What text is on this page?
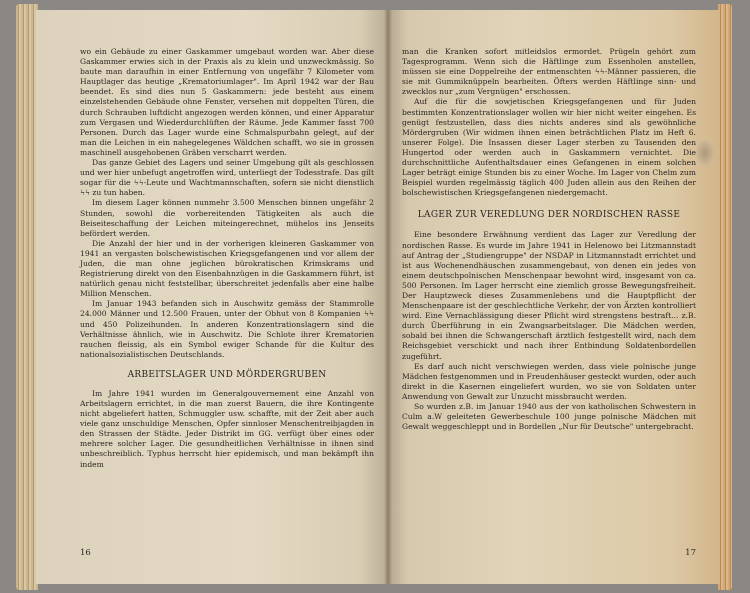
wo ein Gebäude zu einer Gaskammer umgebaut worden war. Aber diese Gaskammer erwies sich in der Praxis als zu klein und unzweckmässig. So baute man daraufhin in einer Entfernung von ungefähr 7 Kilometer vom Hauptlager das heutige „Krematoriumlager". Im April 1942 war der Bau beendet. Es sind dies nun 5 Gaskammern: jede besteht aus einem einzelstehenden Gebäude ohne Fenster, versehen mit doppelten Türen, die durch Schrauben luftdicht angezogen werden können, und einer Apparatur zum Vergasen und Wiederdurchlüften der Räume. Jede Kammer fasst 700 Personen. Durch das Lager wurde eine Schmalspurbahn gelegt, auf der man die Leichen in ein nahegelegenes Wäldchen schafft, wo sie in grossen maschinell ausgehobenen Gräben verscharrt werden.

Das ganze Gebiet des Lagers und seiner Umgebung gilt als geschlossen und wer hier unbefugt angetroffen wird, unterliegt der Todesstrafe. Das gilt sogar für die ϟϟ-Leute und Wachtmannschaften, sofern sie nicht dienstlich ϟϟ zu tun haben.

Im diesem Lager können nunmehr 3.500 Menschen binnen ungefähr 2 Stunden, sowohl die vorbereitenden Tätigkeiten als auch die Beiseiteschaffung der Leichen miteingerechnet, mühelos ins Jenseits befördert werden.

Die Anzahl der hier und in der vorherigen kleineren Gaskammer von 1941 an vergasten bolschewistischen Kriegsgefangenen und vor allem der Juden, die man ohne jeglichen bürokratischen Krimskrams und Registrierung direkt von den Eisenbahnzügen in die Gaskammern führt, ist natürlich genau nicht feststellbar, überschreitet jedenfalls aber eine halbe Million Menschen.

Im Januar 1943 befanden sich in Auschwitz gemäss der Stammrolle 24.000 Männer und 12.500 Frauen, unter der Obhut von 8 Kompanien ϟϟ und 450 Polizeihunden. In anderen Konzentrationslagern sind die Verhältnisse ähnlich, wie in Auschwitz. Die Schlote ihrer Krematorien rauchen fleissig, als ein Symbol ewiger Schande für die Kultur des nationalsozialistischen Deutschlands.

ARBEITSLAGER UND MÖRDERGRUBEN

Im Jahre 1941 wurden im Generalgouvernement eine Anzahl von Arbeitslagern errichtet, in die man zuerst Bauern, die ihre Kontingente nicht abgeliefert hatten, Schmuggler usw. schaffte, mit der Zeit aber auch viele ganz unschuldige Menschen, Opfer sinnloser Menschentreibjagden in den Strassen der Städte. Jeder Distrikt im GG. verfügt über eines oder mehrere solcher Lager. Die gesundheitlichen Verhältnisse in ihnen sind unbeschreiblich. Typhus herrscht hier epidemisch, und man bekämpft ihn indem

16

man die Kranken sofort mitleidslos ermordet. Prügeln gehört zum Tagesprogramm. Wenn sich die Häftlinge zum Essenholen anstellen, müssen sie eine Doppelreihe der entmenschten ϟϟ-Männer passieren, die sie mit Gummiknüppeln bearbeiten. Öfters werden Häftlinge sinn- und zwecklos nur „zum Vergnügen" erschossen.

Auf die für die sowjetischen Kriegsgefangenen und für Juden bestimmten Konzentrationslager wollen wir hier nicht weiter eingehen. Es genügt festzustellen, dass dies nichts anderes sind als gewöhnliche Mördergruben (Wir widmen ihnen einen beträchtlichen Platz im Heft 6. unserer Folge). Die Insassen dieser Lager sterben zu Tausenden den Hungertod oder werden auch in Gaskammern vernichtet. Die durchschnittliche Aufenthaltsdauer eines Gefangenen in einem solchen Lager beträgt einige Stunden bis zu einer Woche. Im Lager von Chelm zum Beispiel wurden regelmässig täglich 400 Juden allein aus den Reihen der bolschewistischen Kriegsgefangenen niedergemacht.

LAGER ZUR VEREDLUNG DER NORDISCHEN RASSE

Eine besondere Erwähnung verdient das Lager zur Veredlung der nordischen Rasse. Es wurde im Jahre 1941 in Helenowo bei Litzmannstadt auf Antrag der „Studiengruppe" der NSDAP in Litzmannstadt errichtet und ist aus Wochenendhäuschen zusammengebaut, von denen ein jedes von einem deutschpolnischen Menschenpaar bewohnt wird, insgesamt von ca. 500 Personen. Im Lager herrscht eine ziemlich grosse Bewegungsfreiheit. Der Hauptzweck dieses Zusammenlebens und die Hauptpflicht der Menschenpaare ist der geschlechtliche Verkehr, der von Ärzten kontrolliert wird. Eine Vernachlässigung dieser Pflicht wird strengstens bestraft... z.B. durch Überführung in ein Zwangsarbeitslager. Die Mädchen werden, sobald bei ihnen die Schwangerschaft ärztlich festgestellt wird, nach dem Reichsgebiet verschickt und nach ihrer Entbindung Soldatenbordellen zugeführt.

Es darf auch nicht verschwiegen werden, dass viele polnische junge Mädchen festgenommen und in Freudenhäuser gesteckt wurden, oder auch direkt in die Kasernen eingeliefert wurden, wo sie von Soldaten unter Anwendung von Gewalt zur Unzucht missbraucht werden.

So wurden z.B. im Januar 1940 aus der von katholischen Schwestern in Culm a.W geleiteten Gewerbeschule 100 junge polnische Mädchen mit Gewalt weggeschleppt und in Bordellen „Nur für Deutsche" untergebracht.

17
